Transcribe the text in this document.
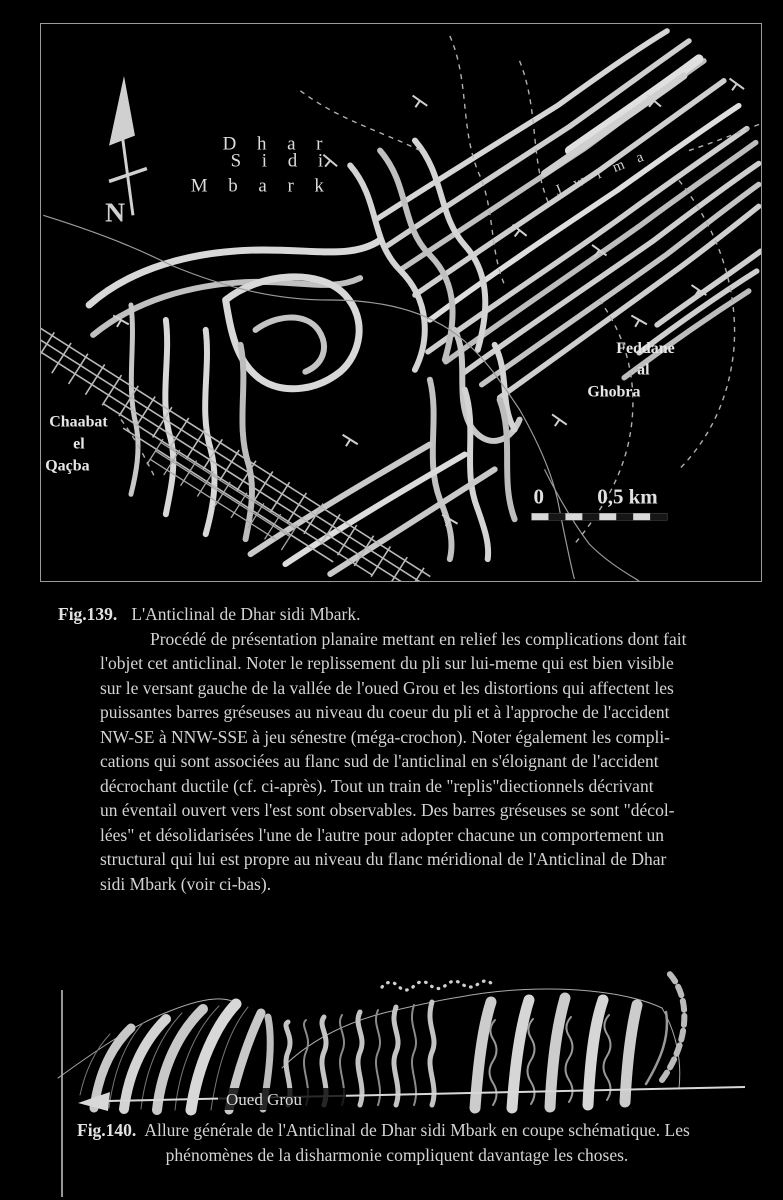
N
D h a r
S i d i
M b a r k	J w i m a
Feddane
al
Ghobra
Chaabat
el
Qaçba
0	0,5 km
Fig.139. L'Anticlinal de Dhar sidi Mbark.
Procédé de présentation planaire mettant en relief les complications dont fait
l'objet cet anticlinal. Noter le replissement du pli sur lui-meme qui est bien visible
sur le versant gauche de la vallée de l'oued Grou et les distortions qui affectent les
puissantes barres gréseuses au niveau du coeur du pli et à l'approche de l'accident
NW-SE à NNW-SSE à jeu sénestre (méga-crochon). Noter également les compli-
cations qui sont associées au flanc sud de l'anticlinal en s'éloignant de l'accident
décrochant ductile (cf. ci-après). Tout un train de "replis"diectionnels décrivant
un éventail ouvert vers l'est sont observables. Des barres gréseuses se sont "décol-
lées" et désolidarisées l'une de l'autre pour adopter chacune un comportement un
structural qui lui est propre au niveau du flanc méridional de l'Anticlinal de Dhar
sidi Mbark (voir ci-bas).
Oued Grou
Fig.140. Allure générale de l'Anticlinal de Dhar sidi Mbark en coupe schématique. Les
phénomènes de la disharmonie compliquent davantage les choses.
